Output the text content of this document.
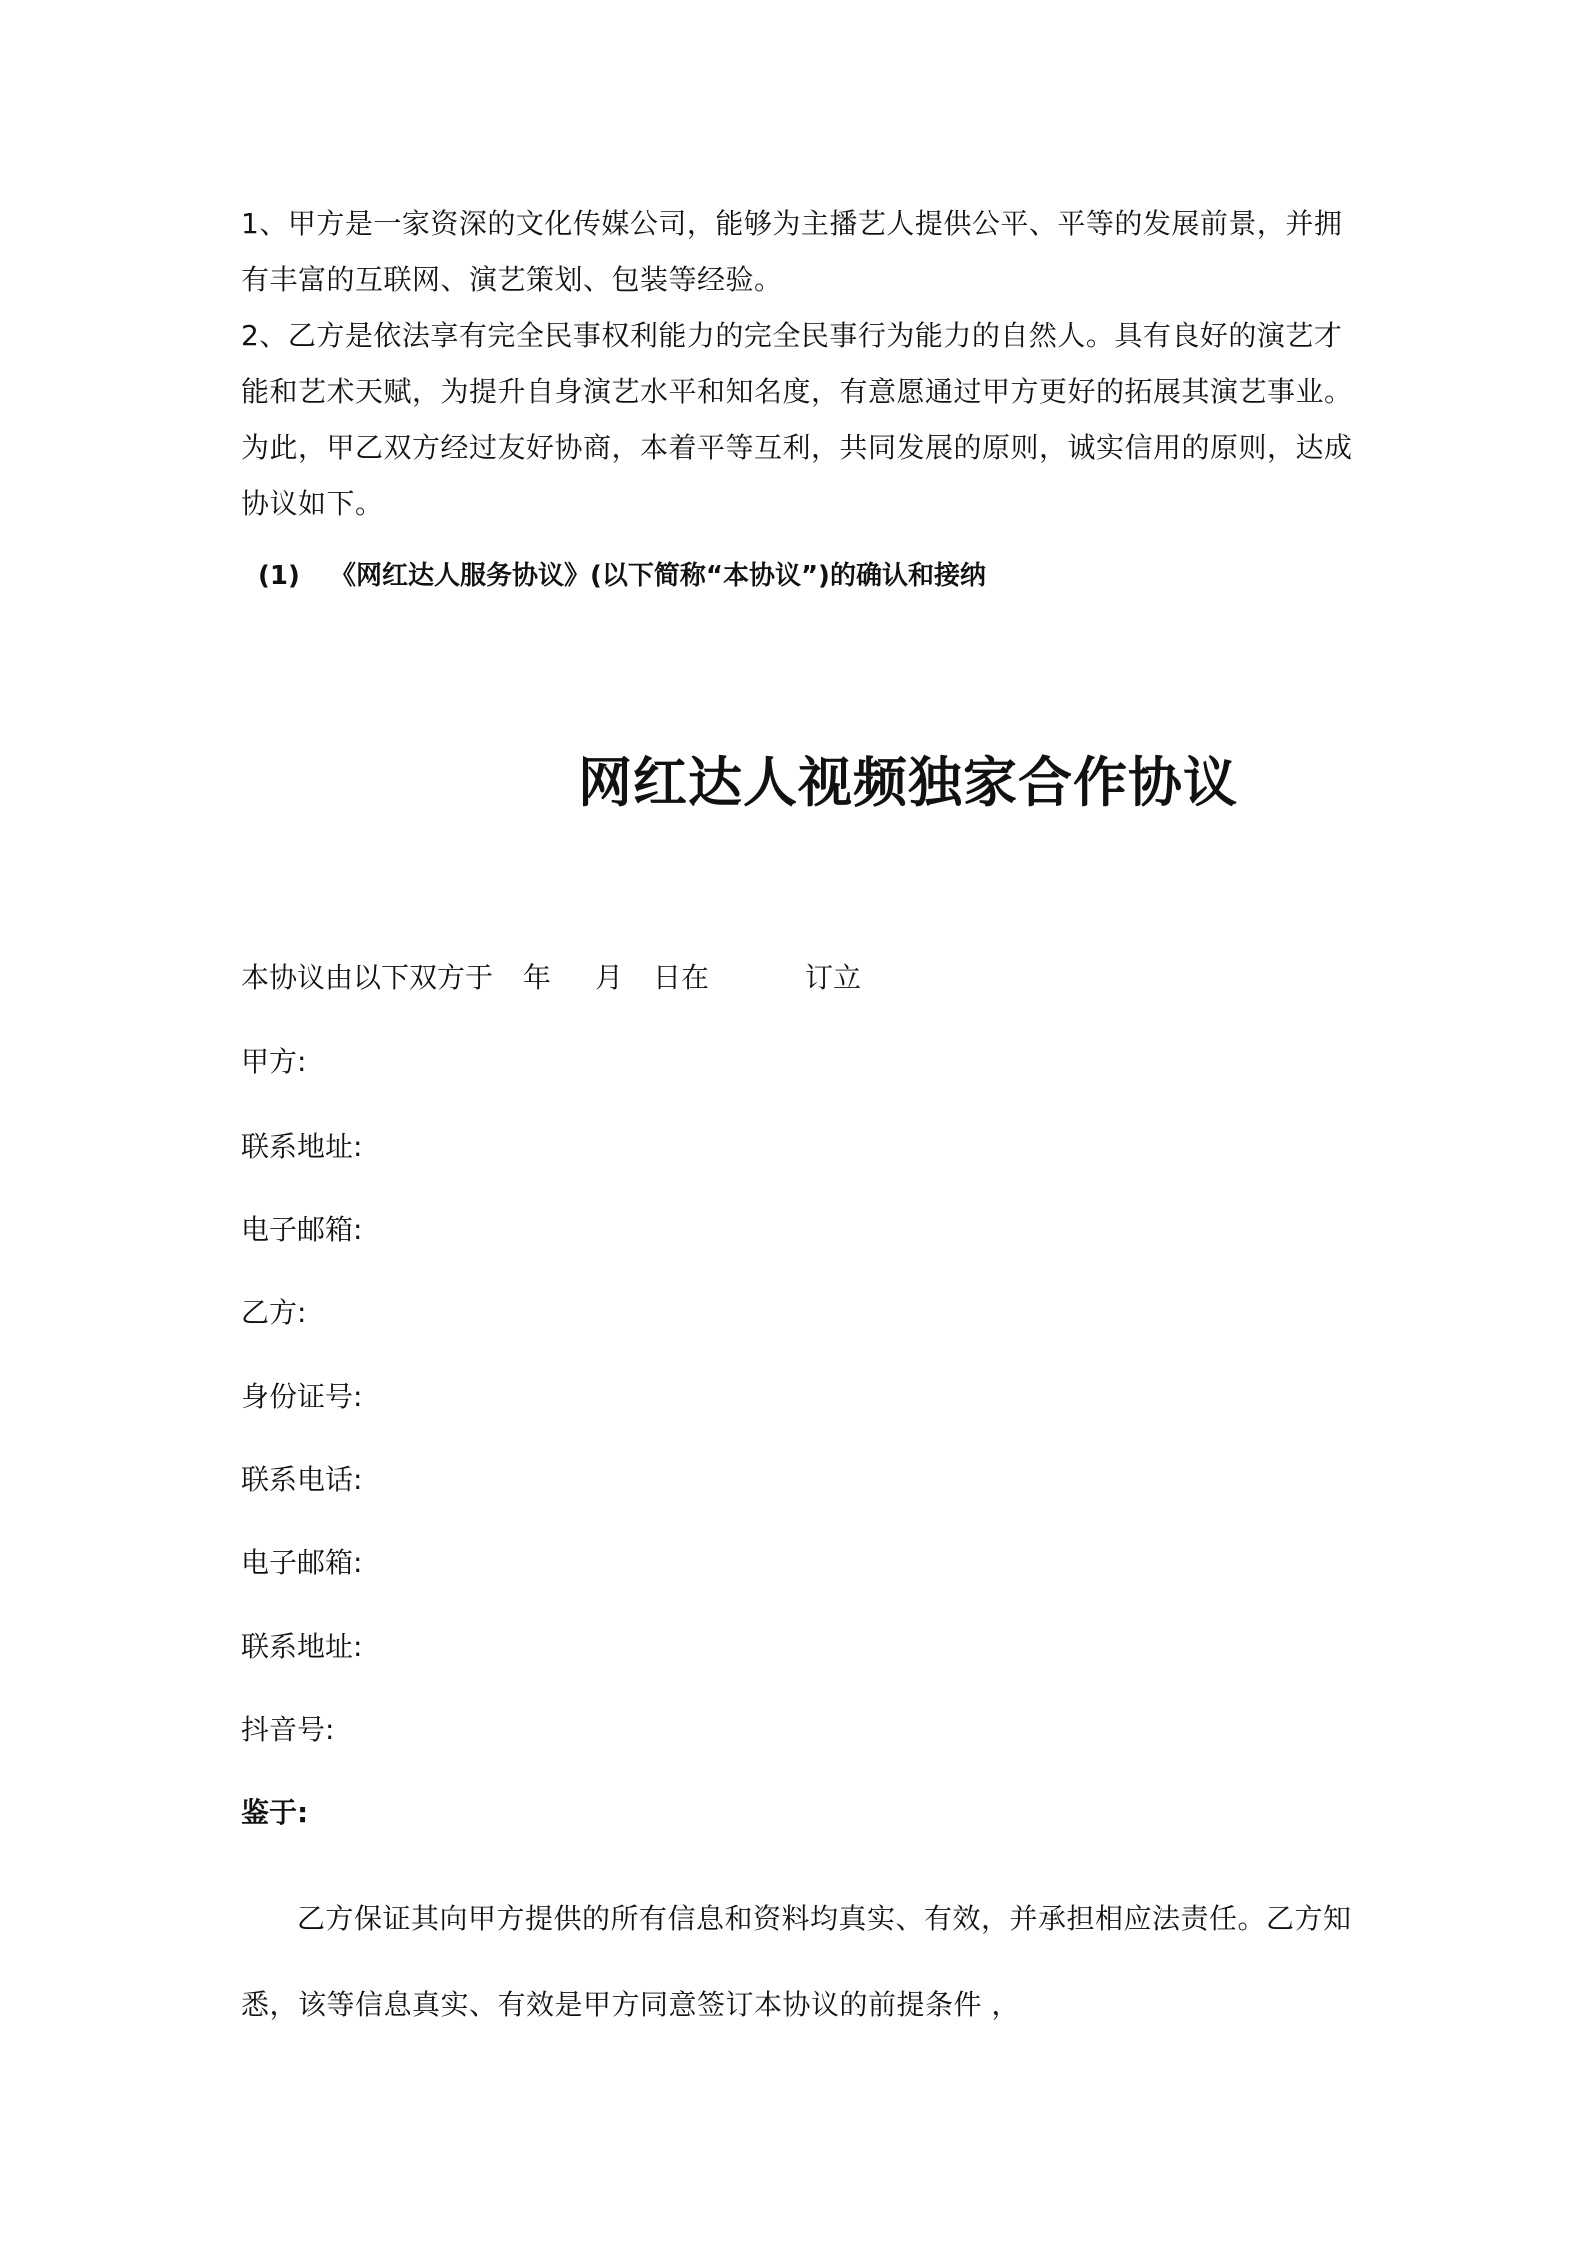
1、甲方是一家资深的文化传媒公司，能够为主播艺人提供公平、平等的发展前景，并拥有丰富的互联网、演艺策划、包装等经验。

2、乙方是依法享有完全民事权利能力的完全民事行为能力的自然人。具有良好的演艺才能和艺术天赋，为提升自身演艺水平和知名度，有意愿通过甲方更好的拓展其演艺事业。为此，甲乙双方经过友好协商，本着平等互利，共同发展的原则，诚实信用的原则，达成协议如下。

(1) 《网红达人服务协议》(以下简称“本协议”)的确认和接纳
网红达人视频独家合作协议
本协议由以下双方于 年 月 日在	订立
甲方:
联系地址:
电子邮箱:
乙方:
身份证号:
联系电话:
电子邮箱:
联系地址:
抖音号:
鉴于:

乙方保证其向甲方提供的所有信息和资料均真实、有效，并承担相应法责任。乙方知悉，该等信息真实、有效是甲方同意签订本协议的前提条件 ，
